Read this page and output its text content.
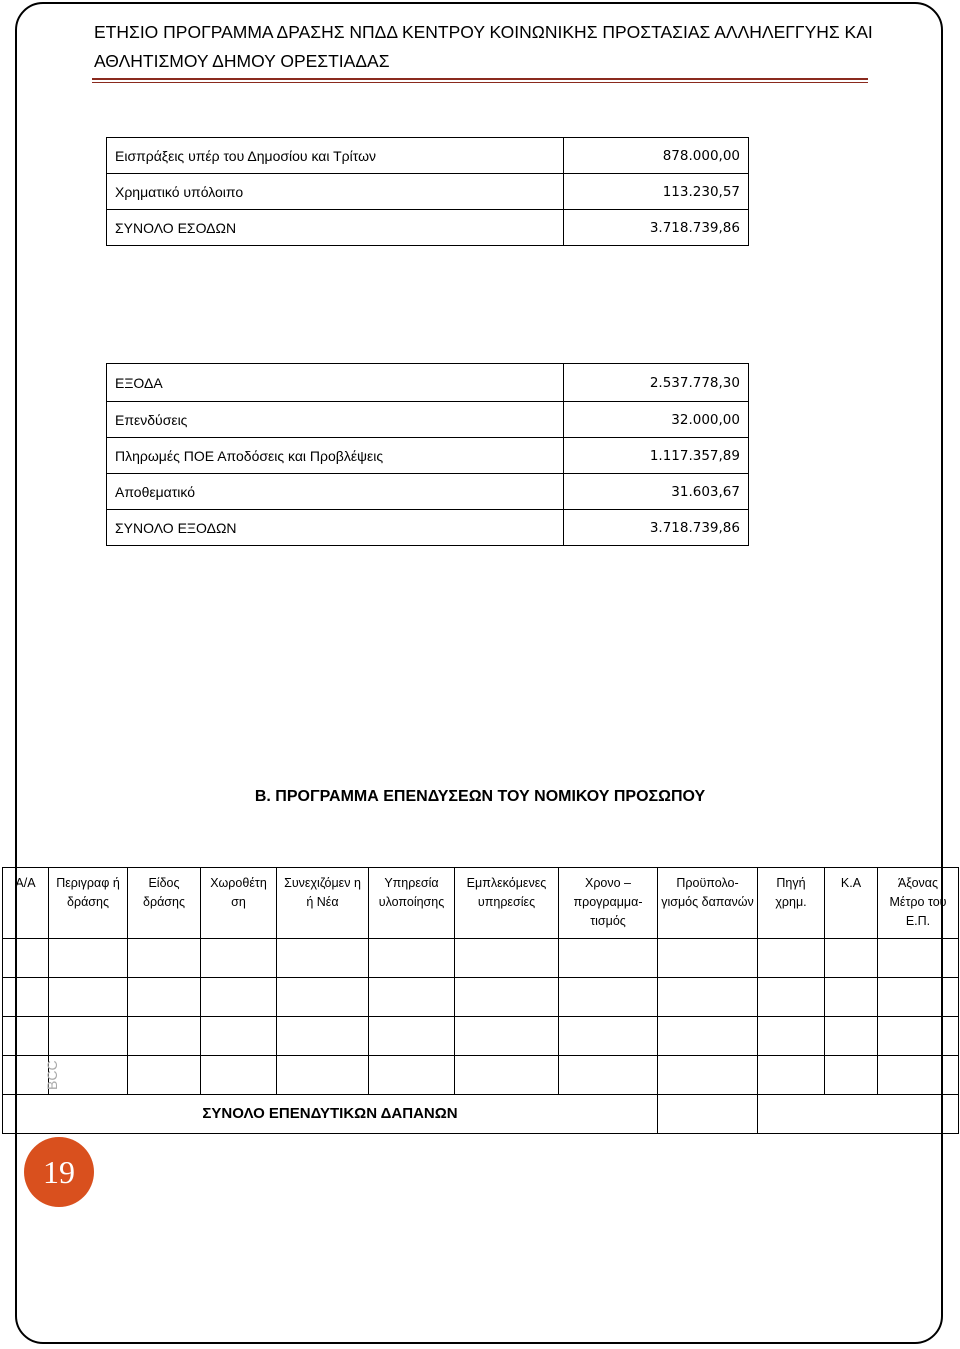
ΕΤΗΣΙΟ ΠΡΟΓΡΑΜΜΑ ΔΡΑΣΗΣ ΝΠΔΔ ΚΕΝΤΡΟΥ ΚΟΙΝΩΝΙΚΗΣ ΠΡΟΣΤΑΣΙΑΣ ΑΛΛΗΛΕΓΓΥΗΣ ΚΑΙ ΑΘΛΗΤΙΣΜΟΥ ΔΗΜΟΥ ΟΡΕΣΤΙΑΔΑΣ
Εισπράξεις υπέρ του Δημοσίου και Τρίτων	878.000,00
Χρηματικό υπόλοιπο	113.230,57
ΣΥΝΟΛΟ ΕΣΟΔΩΝ	3.718.739,86
ΕΞΟΔΑ	2.537.778,30
Επενδύσεις	32.000,00
Πληρωμές ΠΟΕ Αποδόσεις και Προβλέψεις	1.117.357,89
Αποθεματικό	31.603,67
ΣΥΝΟΛΟ ΕΞΟΔΩΝ	3.718.739,86
Β. ΠΡΟΓΡΑΜΜΑ ΕΠΕΝΔΥΣΕΩΝ ΤΟΥ ΝΟΜΙΚΟΥ ΠΡΟΣΩΠΟΥ
Α/Α	Περιγραφ ή δράσης	Είδος δράσης	Χωροθέτη ση	Συνεχιζόμεν η ή Νέα	Υπηρεσία υλοποίησης	Εμπλεκόμενες υπηρεσίες	Χρονο – προγραμμα-τισμός	Προϋπολο-γισμός δαπανών	Πηγή χρημ.	Κ.Α	Άξονας Μέτρο του Ε.Π.

ΣΥΝΟΛΟ ΕΠΕΝΔΥΤΙΚΩΝ ΔΑΠΑΝΩΝ											
BCC
19
